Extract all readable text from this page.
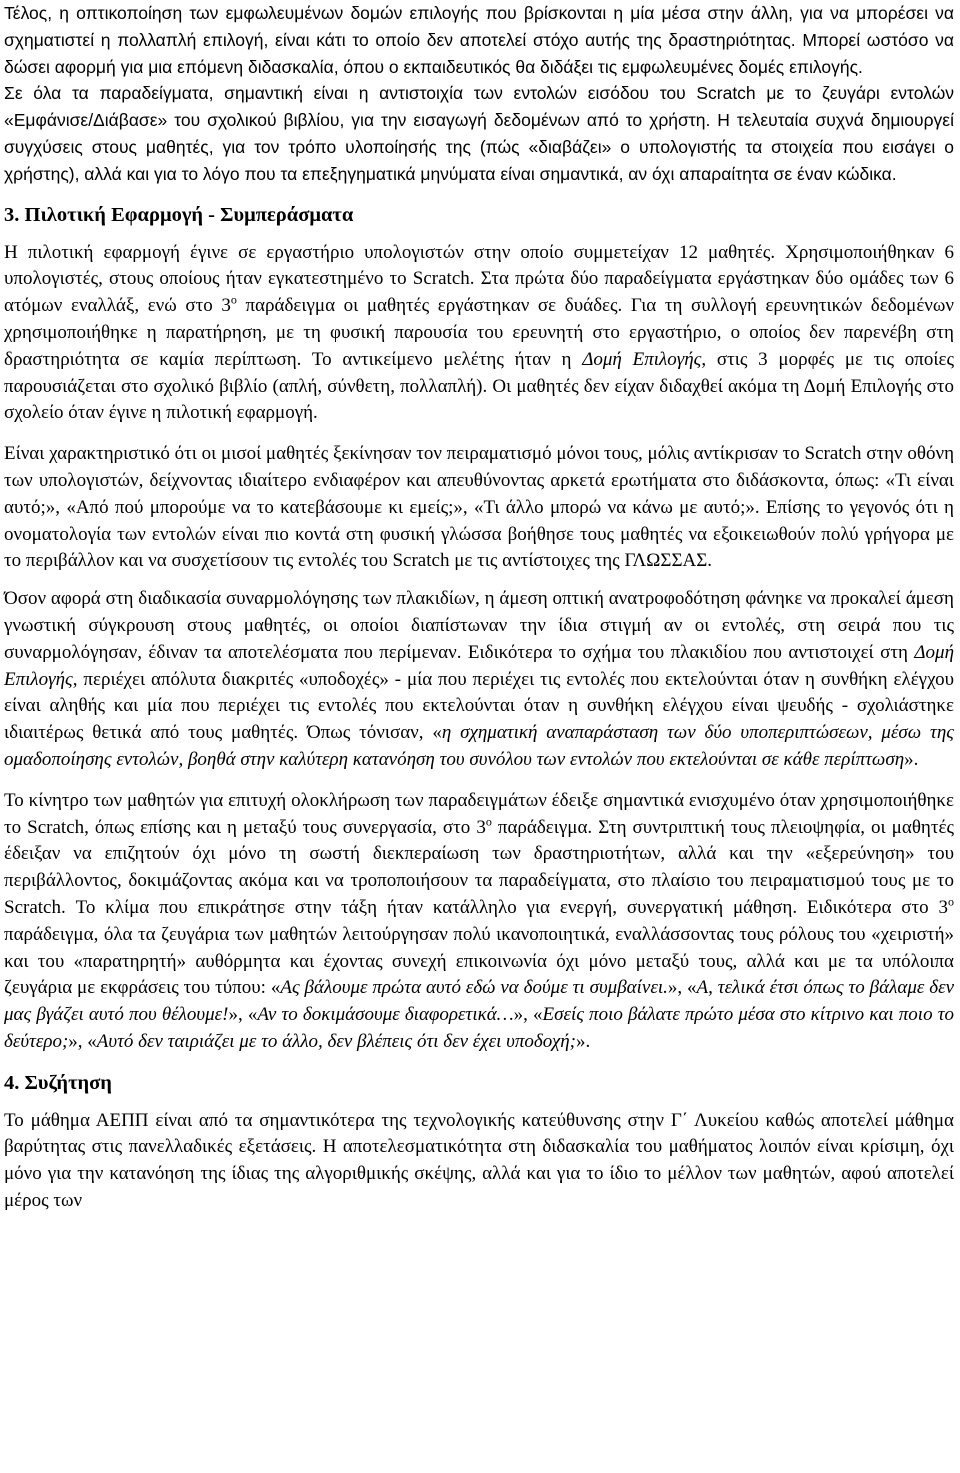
Τέλος, η οπτικοποίηση των εμφωλευμένων δομών επιλογής που βρίσκονται η μία μέσα στην άλλη, για να μπορέσει να σχηματιστεί η πολλαπλή επιλογή, είναι κάτι το οποίο δεν αποτελεί στόχο αυτής της δραστηριότητας. Μπορεί ωστόσο να δώσει αφορμή για μια επόμενη διδασκαλία, όπου ο εκπαιδευτικός θα διδάξει τις εμφωλευμένες δομές επιλογής.

Σε όλα τα παραδείγματα, σημαντική είναι η αντιστοιχία των εντολών εισόδου του Scratch με το ζευγάρι εντολών «Εμφάνισε/Διάβασε» του σχολικού βιβλίου, για την εισαγωγή δεδομένων από το χρήστη. Η τελευταία συχνά δημιουργεί συγχύσεις στους μαθητές, για τον τρόπο υλοποίησής της (πώς «διαβάζει» ο υπολογιστής τα στοιχεία που εισάγει ο χρήστης), αλλά και για το λόγο που τα επεξηγηματικά μηνύματα είναι σημαντικά, αν όχι απαραίτητα σε έναν κώδικα.

3. Πιλοτική Εφαρμογή - Συμπεράσματα

Η πιλοτική εφαρμογή έγινε σε εργαστήριο υπολογιστών στην οποίο συμμετείχαν 12 μαθητές. Χρησιμοποιήθηκαν 6 υπολογιστές, στους οποίους ήταν εγκατεστημένο το Scratch. Στα πρώτα δύο παραδείγματα εργάστηκαν δύο ομάδες των 6 ατόμων εναλλάξ, ενώ στο $3^o$ παράδειγμα οι μαθητές εργάστηκαν σε δυάδες. Για τη συλλογή ερευνητικών δεδομένων χρησιμοποιήθηκε η παρατήρηση, με τη φυσική παρουσία του ερευνητή στο εργαστήριο, ο οποίος δεν παρενέβη στη δραστηριότητα σε καμία περίπτωση. Το αντικείμενο μελέτης ήταν η Δομή Επιλογής, στις 3 μορφές με τις οποίες παρουσιάζεται στο σχολικό βιβλίο (απλή, σύνθετη, πολλαπλή). Οι μαθητές δεν είχαν διδαχθεί ακόμα τη Δομή Επιλογής στο σχολείο όταν έγινε η πιλοτική εφαρμογή.

Είναι χαρακτηριστικό ότι οι μισοί μαθητές ξεκίνησαν τον πειραματισμό μόνοι τους, μόλις αντίκρισαν το Scratch στην οθόνη των υπολογιστών, δείχνοντας ιδιαίτερο ενδιαφέρον και απευθύνοντας αρκετά ερωτήματα στο διδάσκοντα, όπως: «Τι είναι αυτό;», «Από πού μπορούμε να το κατεβάσουμε κι εμείς;», «Τι άλλο μπορώ να κάνω με αυτό;». Επίσης το γεγονός ότι η ονοματολογία των εντολών είναι πιο κοντά στη φυσική γλώσσα βοήθησε τους μαθητές να εξοικειωθούν πολύ γρήγορα με το περιβάλλον και να συσχετίσουν τις εντολές του Scratch με τις αντίστοιχες της ΓΛΩΣΣΑΣ.

Όσον αφορά στη διαδικασία συναρμολόγησης των πλακιδίων, η άμεση οπτική ανατροφοδότηση φάνηκε να προκαλεί άμεση γνωστική σύγκρουση στους μαθητές, οι οποίοι διαπίστωναν την ίδια στιγμή αν οι εντολές, στη σειρά που τις συναρμολόγησαν, έδιναν τα αποτελέσματα που περίμεναν. Ειδικότερα το σχήμα του πλακιδίου που αντιστοιχεί στη Δομή Επιλογής, περιέχει απόλυτα διακριτές «υποδοχές» - μία που περιέχει τις εντολές που εκτελούνται όταν η συνθήκη ελέγχου είναι αληθής και μία που περιέχει τις εντολές που εκτελούνται όταν η συνθήκη ελέγχου είναι ψευδής - σχολιάστηκε ιδιαιτέρως θετικά από τους μαθητές. Όπως τόνισαν, «η σχηματική αναπαράσταση των δύο υποπεριπτώσεων, μέσω της ομαδοποίησης εντολών, βοηθά στην καλύτερη κατανόηση του συνόλου των εντολών που εκτελούνται σε κάθε περίπτωση».

Το κίνητρο των μαθητών για επιτυχή ολοκλήρωση των παραδειγμάτων έδειξε σημαντικά ενισχυμένο όταν χρησιμοποιήθηκε το Scratch, όπως επίσης και η μεταξύ τους συνεργασία, στο $3^o$ παράδειγμα. Στη συντριπτική τους πλειοψηφία, οι μαθητές έδειξαν να επιζητούν όχι μόνο τη σωστή διεκπεραίωση των δραστηριοτήτων, αλλά και την «εξερεύνηση» του περιβάλλοντος, δοκιμάζοντας ακόμα και να τροποποιήσουν τα παραδείγματα, στο πλαίσιο του πειραματισμού τους με το Scratch. Το κλίμα που επικράτησε στην τάξη ήταν κατάλληλο για ενεργή, συνεργατική μάθηση. Ειδικότερα στο $3^o$ παράδειγμα, όλα τα ζευγάρια των μαθητών λειτούργησαν πολύ ικανοποιητικά, εναλλάσσοντας τους ρόλους του «χειριστή» και του «παρατηρητή» αυθόρμητα και έχοντας συνεχή επικοινωνία όχι μόνο μεταξύ τους, αλλά και με τα υπόλοιπα ζευγάρια με εκφράσεις του τύπου: «Ας βάλουμε πρώτα αυτό εδώ να δούμε τι συμβαίνει.», «Α, τελικά έτσι όπως το βάλαμε δεν μας βγάζει αυτό που θέλουμε!», «Αν το δοκιμάσουμε διαφορετικά…», «Εσείς ποιο βάλατε πρώτο μέσα στο κίτρινο και ποιο το δεύτερο;», «Αυτό δεν ταιριάζει με το άλλο, δεν βλέπεις ότι δεν έχει υποδοχή;».

4. Συζήτηση

Το μάθημα ΑΕΠΠ είναι από τα σημαντικότερα της τεχνολογικής κατεύθυνσης στην Γ΄ Λυκείου καθώς αποτελεί μάθημα βαρύτητας στις πανελλαδικές εξετάσεις. Η αποτελεσματικότητα στη διδασκαλία του μαθήματος λοιπόν είναι κρίσιμη, όχι μόνο για την κατανόηση της ίδιας της αλγοριθμικής σκέψης, αλλά και για το ίδιο το μέλλον των μαθητών, αφού αποτελεί μέρος των
